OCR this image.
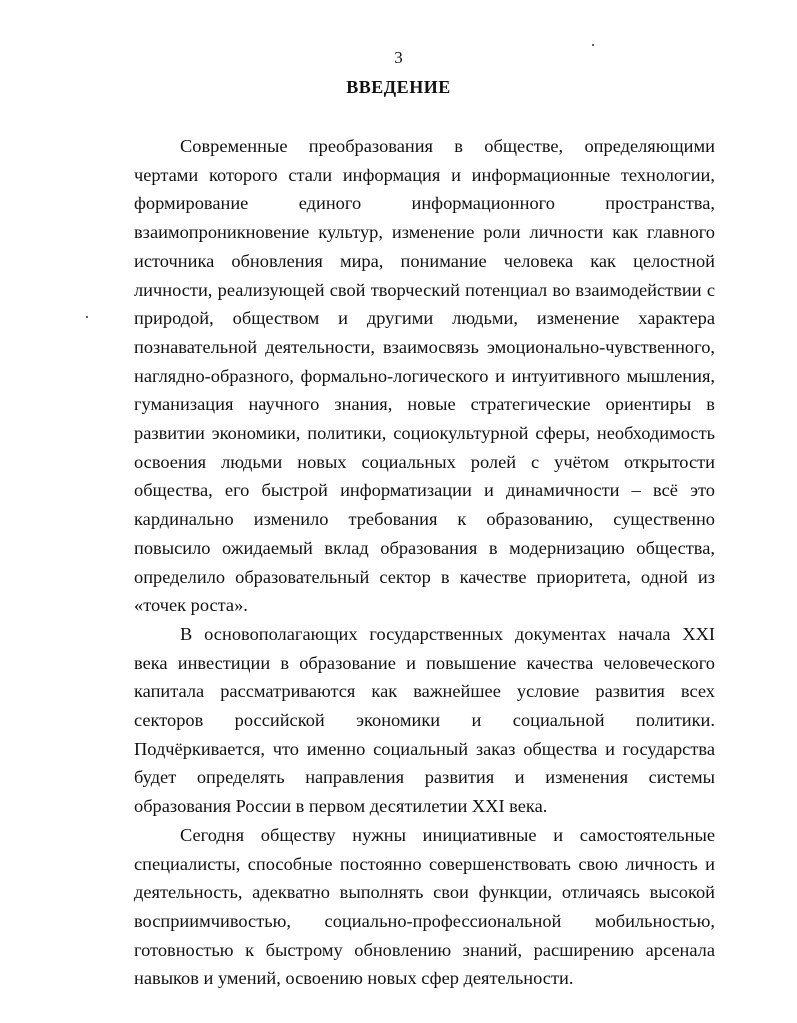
3
ВВЕДЕНИЕ

Современные преобразования в обществе, определяющими чертами которого стали информация и информационные технологии, формирование единого информационного пространства, взаимопроникновение культур, изменение роли личности как главного источника обновления мира, понимание человека как целостной личности, реализующей свой творческий потенциал во взаимодействии с природой, обществом и другими людьми, изменение характера познавательной деятельности, взаимосвязь эмоционально-чувственного, наглядно-образного, формально-логического и интуитивного мышления, гуманизация научного знания, новые стратегические ориентиры в развитии экономики, политики, социокультурной сферы, необходимость освоения людьми новых социальных ролей с учётом открытости общества, его быстрой информатизации и динамичности – всё это кардинально изменило требования к образованию, существенно повысило ожидаемый вклад образования в модернизацию общества, определило образовательный сектор в качестве приоритета, одной из «точек роста».

В основополагающих государственных документах начала XXI века инвестиции в образование и повышение качества человеческого капитала рассматриваются как важнейшее условие развития всех секторов российской экономики и социальной политики. Подчёркивается, что именно социальный заказ общества и государства будет определять направления развития и изменения системы образования России в первом десятилетии XXI века.

Сегодня обществу нужны инициативные и самостоятельные специалисты, способные постоянно совершенствовать свою личность и деятельность, адекватно выполнять свои функции, отличаясь высокой восприимчивостью, социально-профессиональной мобильностью, готовностью к быстрому обновлению знаний, расширению арсенала навыков и умений, освоению новых сфер деятельности.
